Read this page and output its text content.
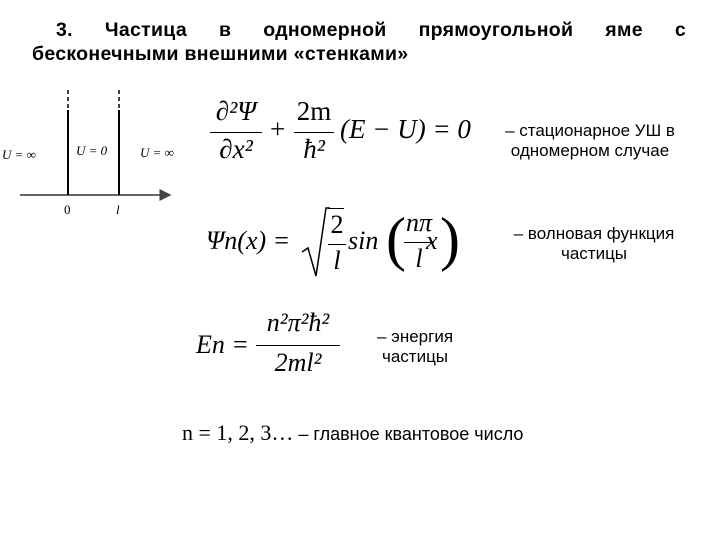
3. Частица в одномерной прямоугольной яме с
бесконечными внешними «стенками»
U = ∞	U = 0	U = ∞
0	l
∂²Ψ
∂x²
+
2m
ħ²
(E − U) = 0	– стационарное УШ в
одномерном случае
Ψn(x) =
2
l
sin ( nπ
l
x )	– волновая функция
частицы
En =
n²π²ħ²
2ml²
– энергия
частицы
n = 1, 2, 3… – главное квантовое число
